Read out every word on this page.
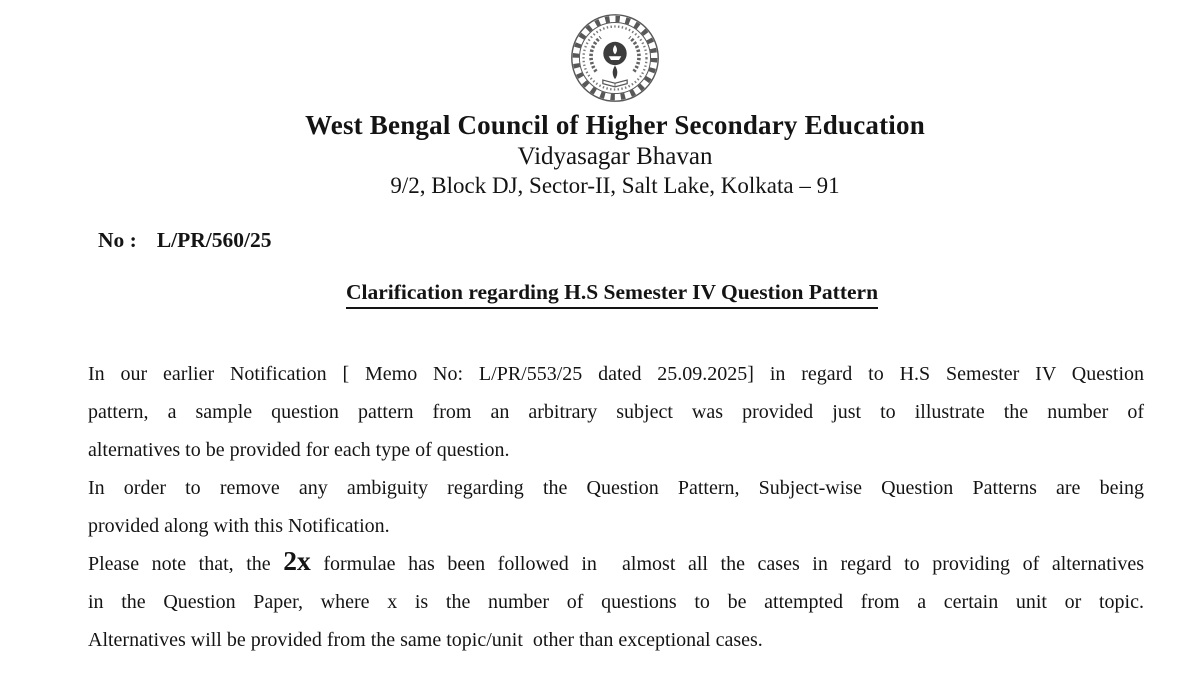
West Bengal Council of Higher Secondary Education
Vidyasagar Bhavan
9/2, Block DJ, Sector-II, Salt Lake, Kolkata – 91
No : L/PR/560/25
Clarification regarding H.S Semester IV Question Pattern
In our earlier Notification [ Memo No: L/PR/553/25 dated 25.09.2025] in regard to H.S Semester IV Question
pattern, a sample question pattern from an arbitrary subject was provided just to illustrate the number of
alternatives to be provided for each type of question.
In order to remove any ambiguity regarding the Question Pattern, Subject-wise Question Patterns are being
provided along with this Notification.
Please note that, the 2x formulae has been followed in  almost all the cases in regard to providing of alternatives
in the Question Paper, where x is the number of questions to be attempted from a certain unit or topic.
Alternatives will be provided from the same topic/unit  other than exceptional cases.
